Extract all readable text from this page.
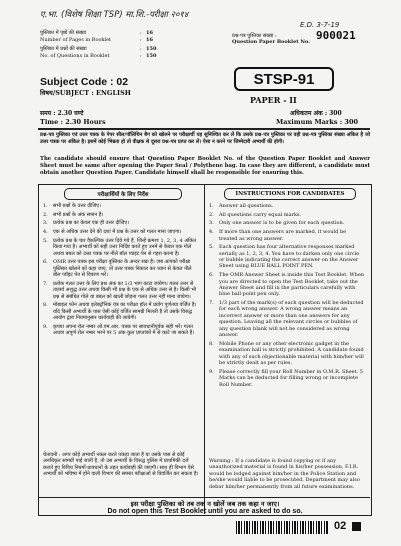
ए.भा. (विशेष शिक्षा TSP) मा.शि.-परीक्षा २०१४
E.D. 3-7-19
पुस्तिका में पृष्ठों की संख्या	: 16
Number of Pages in Booklet	: 16
पुस्तिका में प्रश्नों की संख्या	: 150
No. of Questions in Booklet	: 150
प्रश्न-पत्र पुस्तिका संख्या :
Question Paper Booklet No.
900021
Subject Code : 02
विषय/SUBJECT : ENGLISH
STSP-91
PAPER - II
समय : 2.30 घण्टे
Time : 2.30 Hours
अधिकतम अंक : 300
Maximum Marks : 300
प्रश्न-पत्र पुस्तिका एवं उत्तर पत्रक के पेपर सील/पॉलिथिन बैग को खोलने पर परीक्षार्थी यह सुनिश्चित कर लें कि उसके प्रश्न-पत्र पुस्तिका पर वही प्रश्न-पत्र पुस्तिका संख्या अंकित है जो उत्तर पत्रक पर अंकित है। इसमें कोई भिन्नता हो तो वीक्षक से दूसरा प्रश्न-पत्र प्राप्त कर लें। ऐसा न करने पर जिम्मेदारी अभ्यर्थी की होगी।
The candidate should ensure that Question Paper Booklet No. of the Question Paper Booklet and Answer Sheet must be same after opening the Paper Seal / Polythene bag. In case they are different, a candidate must obtain another Question Paper. Candidate himself shall be responsible for ensuring this.
परीक्षार्थियों के लिए निर्देश
1.	सभी प्रश्नों के उत्तर दीजिए।
2.	सभी प्रश्नों के अंक समान हैं।
3.	प्रत्येक प्रश्न का केवल एक ही उत्तर दीजिए।
4.	एक से अधिक उत्तर देने की दशा में प्रश्न के उत्तर को गलत माना जाएगा।
5.	प्रत्येक प्रश्न के चार वैकल्पिक उत्तर दिये गये हैं, जिन्हें क्रमशः 1, 2, 3, 4 अंकित किया गया है। अभ्यर्थी को सही उत्तर निर्दिष्ट करते हुए उनमें से केवल एक गोले अथवा बबल को उत्तर पत्रक पर नीले बॉल प्वाइंट पेन से गहरा करना है।
6.	OMR उत्तर पत्रक इस परीक्षा पुस्तिका के अन्दर रखा है। जब आपको परीक्षा पुस्तिका खोलने को कहा जाए, तो उत्तर पत्रक निकाल कर ध्यान से केवल नीले बॉल प्वॉइंट पेन से विवरण भरें।
7.	प्रत्येक गलत उत्तर के लिए प्रश्न अंक का 1/3 भाग काटा जायेगा। गलत उत्तर से तात्पर्य अशुद्ध उत्तर अथवा किसी भी प्रश्न के एक से अधिक उत्तर से है। किसी भी प्रश्न से संबंधित गोले या बबल को खाली छोड़ना गलत उत्तर नहीं माना जायेगा।
8.	मोबाइल फोन अथवा इलेक्ट्रॉनिक यंत्र का परीक्षा हॉल में प्रयोग पूर्णतया वर्जित है। यदि किसी अभ्यर्थी के पास ऐसी कोई वर्जित सामग्री मिलती है तो उसके विरुद्ध आयोग द्वारा नियमानुसार कार्यवाही की जायेगी।
9.	कृपया अपना रोल नम्बर ओ.एम.आर. पत्रक पर सावधानीपूर्वक सही भरें। गलत अथवा अपूर्ण रोल नम्बर भरने पर 5 अंक कुल प्राप्तांकों में से काटे जा सकते हैं।
चेतावनी : अगर कोई अभ्यर्थी नकल करते पकड़ा जाता है या उसके पास से कोई अनधिकृत सामग्री पाई जाती है, तो उस अभ्यर्थी के विरुद्ध पुलिस में प्राथमिकी दर्ज कराते हुए विविध नियमों-प्रावधानों के तहत कार्यवाही की जाएगी। साथ ही विभाग ऐसे अभ्यर्थी को भविष्य में होने वाली विभाग की समस्त परीक्षाओं से विवर्जित कर सकता है।
INSTRUCTIONS FOR CANDIDATES
1.	Answer all questions.
2.	All questions carry equal marks.
3.	Only one answer is to be given for each question.
4.	If more than one answers are marked, it would be treated as wrong answer.
5.	Each question has four alternative responses marked serially as 1, 2, 3, 4. You have to darken only one circle or bubble indicating the correct answer on the Answer Sheet using BLUE BALL POINT PEN.
6.	The OMR Answer Sheet is inside this Test Booklet. When you are directed to open the Test Booklet, take out the Answer Sheet and fill in the particulars carefully with blue ball point pen only.
7.	1/3 part of the mark(s) of each question will be deducted for each wrong answer. A wrong answer means an incorrect answer or more than one answers for any question. Leaving all the relevant circles or bubbles of any question blank will not be considered as wrong answer.
8.	Mobile Phone or any other electronic gadget in the examination hall is strictly prohibited. A candidate found with any of such objectionable material with him/her will be strictly dealt as per rules.
9.	Please correctly fill your Roll Number in O.M.R. Sheet. 5 Marks can be deducted for filling wrong or incomplete Roll Number.
Warning : If a candidate is found copying or if any unauthorized material is found in his/her possession, F.I.R. would be lodged against him/her in the Police Station and he/she would liable to be prosecuted. Department may also debar him/her permanently from all future examinations.
इस परीक्षा पुस्तिका को तब तक न खोलें जब तक कहा न जाए।
Do not open this Test Booklet until you are asked to do so.
02
